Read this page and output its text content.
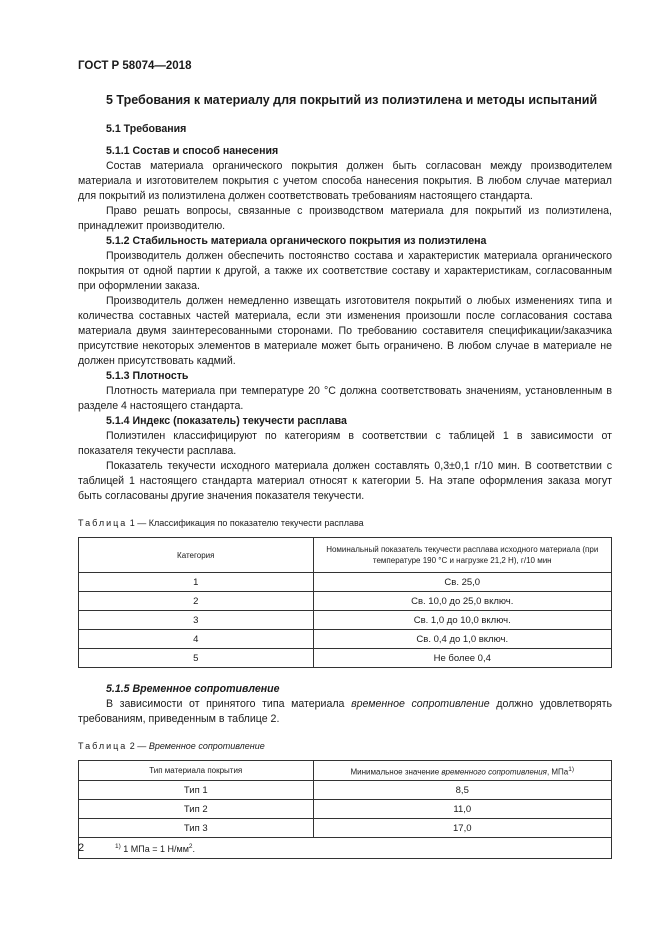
ГОСТ Р 58074—2018
5 Требования к материалу для покрытий из полиэтилена и методы испытаний
5.1 Требования
5.1.1 Состав и способ нанесения

Состав материала органического покрытия должен быть согласован между производителем материала и изготовителем покрытия с учетом способа нанесения покрытия. В любом случае материал для покрытий из полиэтилена должен соответствовать требованиям настоящего стандарта.

Право решать вопросы, связанные с производством материала для покрытий из полиэтилена, принадлежит производителю.

5.1.2 Стабильность материала органического покрытия из полиэтилена

Производитель должен обеспечить постоянство состава и характеристик материала органического покрытия от одной партии к другой, а также их соответствие составу и характеристикам, согласованным при оформлении заказа.

Производитель должен немедленно извещать изготовителя покрытий о любых изменениях типа и количества составных частей материала, если эти изменения произошли после согласования состава материала двумя заинтересованными сторонами. По требованию составителя спецификации/заказчика присутствие некоторых элементов в материале может быть ограничено. В любом случае в материале не должен присутствовать кадмий.

5.1.3 Плотность

Плотность материала при температуре 20 °С должна соответствовать значениям, установленным в разделе 4 настоящего стандарта.

5.1.4 Индекс (показатель) текучести расплава

Полиэтилен классифицируют по категориям в соответствии с таблицей 1 в зависимости от показателя текучести расплава.

Показатель текучести исходного материала должен составлять 0,3±0,1 г/10 мин. В соответствии с таблицей 1 настоящего стандарта материал относят к категории 5. На этапе оформления заказа могут быть согласованы другие значения показателя текучести.

Таблица 1 — Классификация по показателю текучести расплава
Категория	Номинальный показатель текучести расплава исходного материала (при температуре 190 °С и нагрузке 21,2 Н), г/10 мин
1	Св. 25,0
2	Св. 10,0 до 25,0 включ.
3	Св. 1,0 до 10,0 включ.
4	Св. 0,4 до 1,0 включ.
5	Не более 0,4
5.1.5 Временное сопротивление

В зависимости от принятого типа материала временное сопротивление должно удовлетворять требованиям, приведенным в таблице 2.

Таблица 2 — Временное сопротивление
Тип материала покрытия	Минимальное значение временного сопротивления, МПа$^{1)}$
Тип 1	8,5
Тип 2	11,0
Тип 3	17,0
$^{1)}$ 1 МПа = 1 $Н/мм^2$.	
2
